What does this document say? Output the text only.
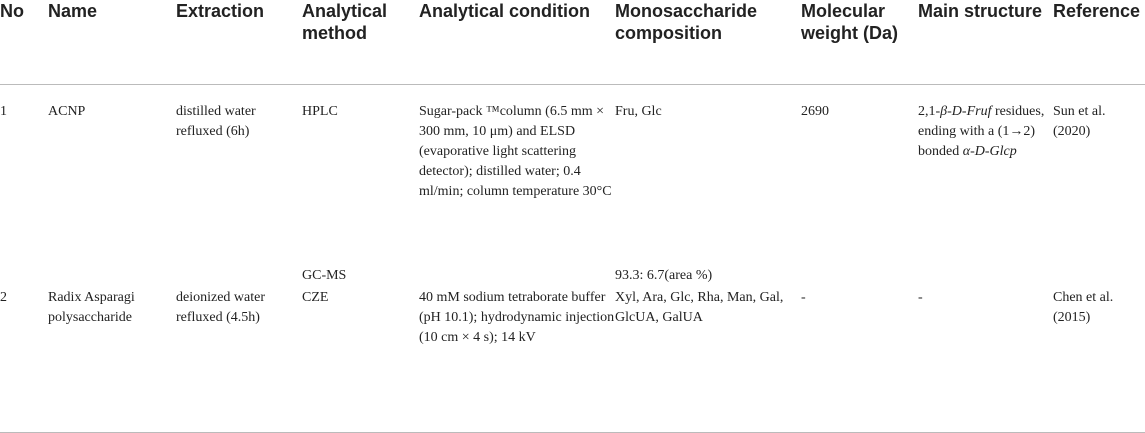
No	Name	Extraction	Analytical method	Analytical condition	Monosaccharide composition	Molecular weight (Da)	Main structure	Reference
1	ACNP	distilled water refluxed (6h)	HPLC	Sugar-pack ™column (6.5 mm × 300 mm, 10 μm) and ELSD (evaporative light scattering detector); distilled water; 0.4 ml/min; column temperature 30°C	Fru, Glc	2690	2,1-β-D-Fruf residues, ending with a (1→2) bonded α-D-Glcp	Sun et al. (2020)
			GC-MS		93.3: 6.7(area %)			
2	Radix Asparagi polysaccharide	deionized water refluxed (4.5h)	CZE	40 mM sodium tetraborate buffer (pH 10.1); hydrodynamic injection (10 cm × 4 s); 14 kV	Xyl, Ara, Glc, Rha, Man, Gal, GlcUA, GalUA	-	-	Chen et al. (2015)
